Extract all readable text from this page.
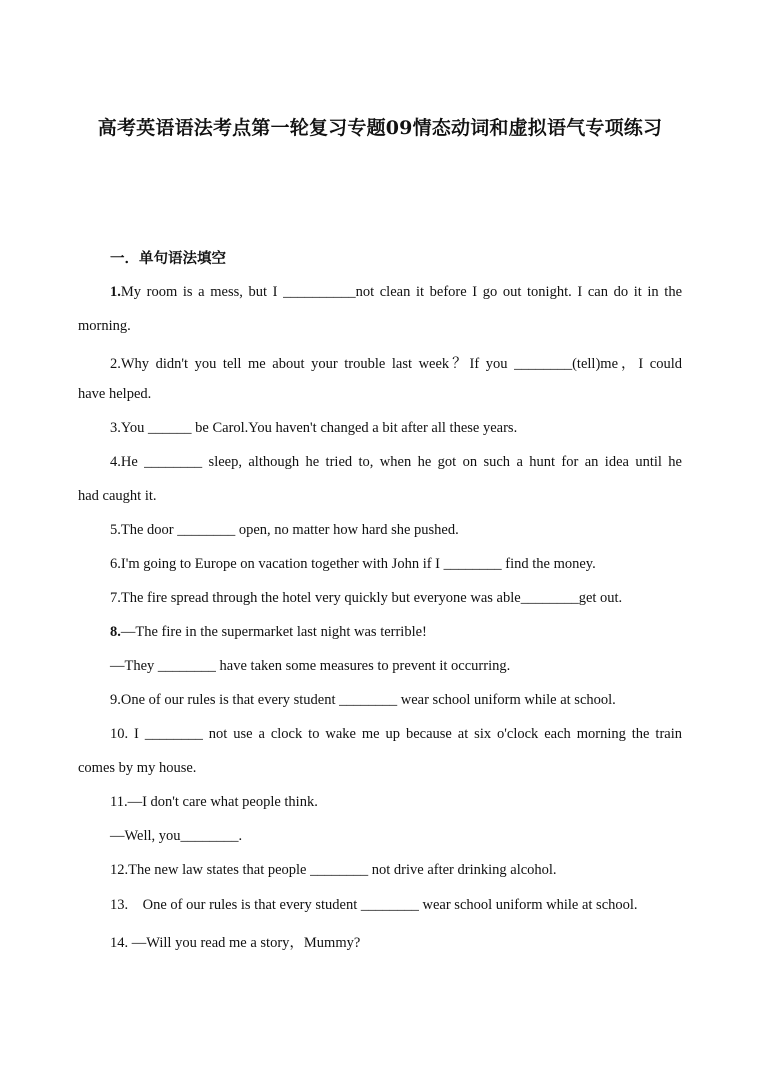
高考英语语法考点第一轮复习专题09情态动词和虚拟语气专项练习
一．单句语法填空
1.My room is a mess, but I __________not clean it before I go out tonight. I can do it in the
morning.
2.Why didn't you tell me about your trouble last week？If you ________(tell)me，I could
have helped.
3.You ______ be Carol.You haven't changed a bit after all these years.
4.He ________ sleep, although he tried to, when he got on such a hunt for an idea until he
had caught it.
5.The door ________ open, no matter how hard she pushed.
6.I'm going to Europe on vacation together with John if I ________ find the money.
7.The fire spread through the hotel very quickly but everyone was able________get out.
8.—The fire in the supermarket last night was terrible!
—They ________ have taken some measures to prevent it occurring.
9.One of our rules is that every student ________ wear school uniform while at school.
10. I ________ not use a clock to wake me up because at six o'clock each morning the train
comes by my house.
11.—I don't care what people think.
—Well, you________.
12.The new law states that people ________ not drive after drinking alcohol.
13.    One of our rules is that every student ________ wear school uniform while at school.
14. —Will you read me a story，Mummy?
